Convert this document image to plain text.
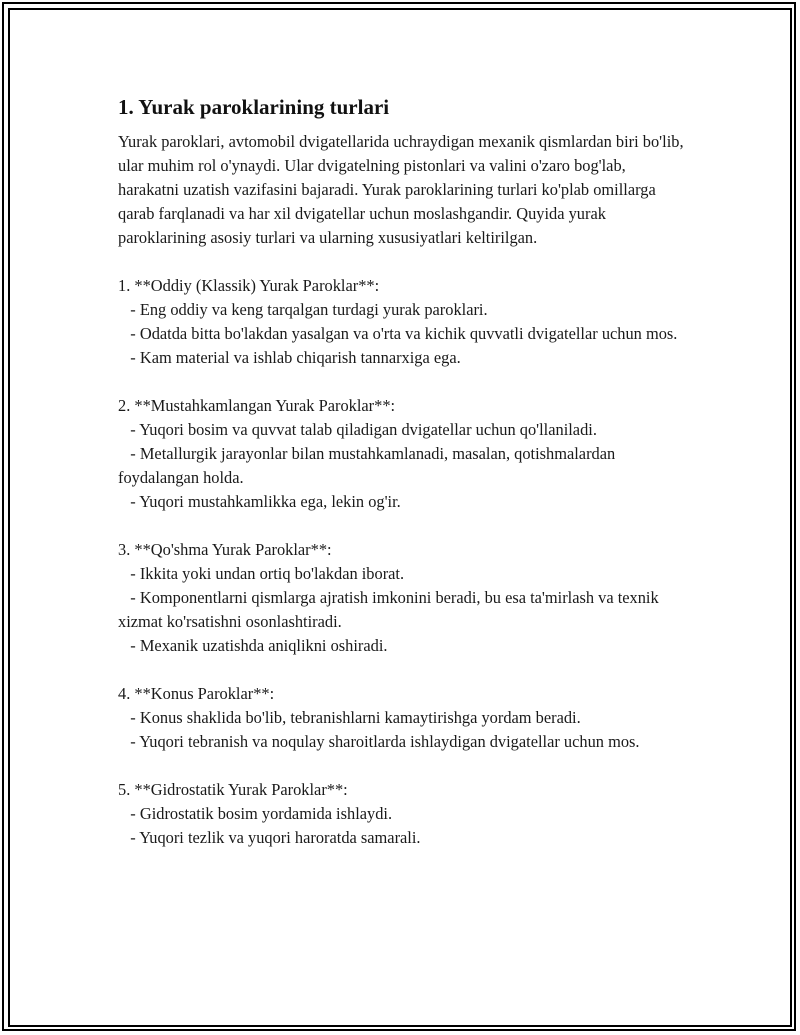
1. Yurak paroklarining turlari

Yurak paroklari, avtomobil dvigatellarida uchraydigan mexanik qismlardan biri bo'lib, ular muhim rol o'ynaydi. Ular dvigatelning pistonlari va valini o'zaro bog'lab, harakatni uzatish vazifasini bajaradi. Yurak paroklarining turlari ko'plab omillarga qarab farqlanadi va har xil dvigatellar uchun moslashgandir. Quyida yurak paroklarining asosiy turlari va ularning xususiyatlari keltirilgan.

1. **Oddiy (Klassik) Yurak Paroklar**:
- Eng oddiy va keng tarqalgan turdagi yurak paroklari.
- Odatda bitta bo'lakdan yasalgan va o'rta va kichik quvvatli dvigatellar uchun mos.
- Kam material va ishlab chiqarish tannarxiga ega.
2. **Mustahkamlangan Yurak Paroklar**:
- Yuqori bosim va quvvat talab qiladigan dvigatellar uchun qo'llaniladi.
- Metallurgik jarayonlar bilan mustahkamlanadi, masalan, qotishmalardan foydalangan holda.
- Yuqori mustahkamlikka ega, lekin og'ir.
3. **Qo'shma Yurak Paroklar**:
- Ikkita yoki undan ortiq bo'lakdan iborat.
- Komponentlarni qismlarga ajratish imkonini beradi, bu esa ta'mirlash va texnik xizmat ko'rsatishni osonlashtiradi.
- Mexanik uzatishda aniqlikni oshiradi.
4. **Konus Paroklar**:
- Konus shaklida bo'lib, tebranishlarni kamaytirishga yordam beradi.
- Yuqori tebranish va noqulay sharoitlarda ishlaydigan dvigatellar uchun mos.
5. **Gidrostatik Yurak Paroklar**:
- Gidrostatik bosim yordamida ishlaydi.
- Yuqori tezlik va yuqori haroratda samarali.
